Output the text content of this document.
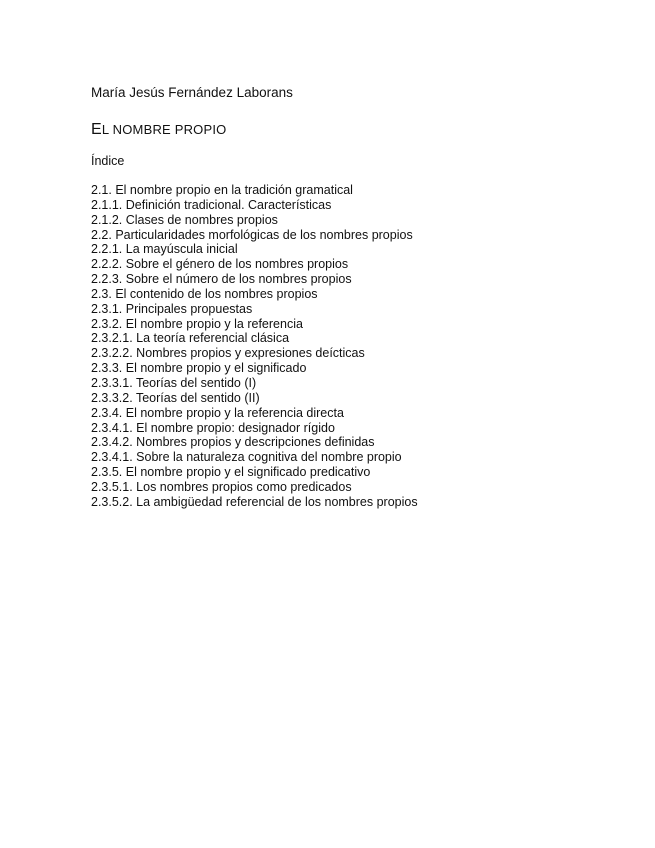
María Jesús Fernández Laborans
EL NOMBRE PROPIO
Índice
2.1. El nombre propio en la tradición gramatical
2.1.1. Definición tradicional. Características
2.1.2. Clases de nombres propios
2.2. Particularidades morfológicas de los nombres propios
2.2.1. La mayúscula inicial
2.2.2. Sobre el género de los nombres propios
2.2.3. Sobre el número de los nombres propios
2.3. El contenido de los nombres propios
2.3.1. Principales propuestas
2.3.2. El nombre propio y la referencia
2.3.2.1. La teoría referencial clásica
2.3.2.2. Nombres propios y expresiones deícticas
2.3.3. El nombre propio y el significado
2.3.3.1. Teorías del sentido (I)
2.3.3.2. Teorías del sentido (II)
2.3.4. El nombre propio y la referencia directa
2.3.4.1. El nombre propio: designador rígido
2.3.4.2. Nombres propios y descripciones definidas
2.3.4.1. Sobre la naturaleza cognitiva del nombre propio
2.3.5. El nombre propio y el significado predicativo
2.3.5.1. Los nombres propios como predicados
2.3.5.2. La ambigüedad referencial de los nombres propios
